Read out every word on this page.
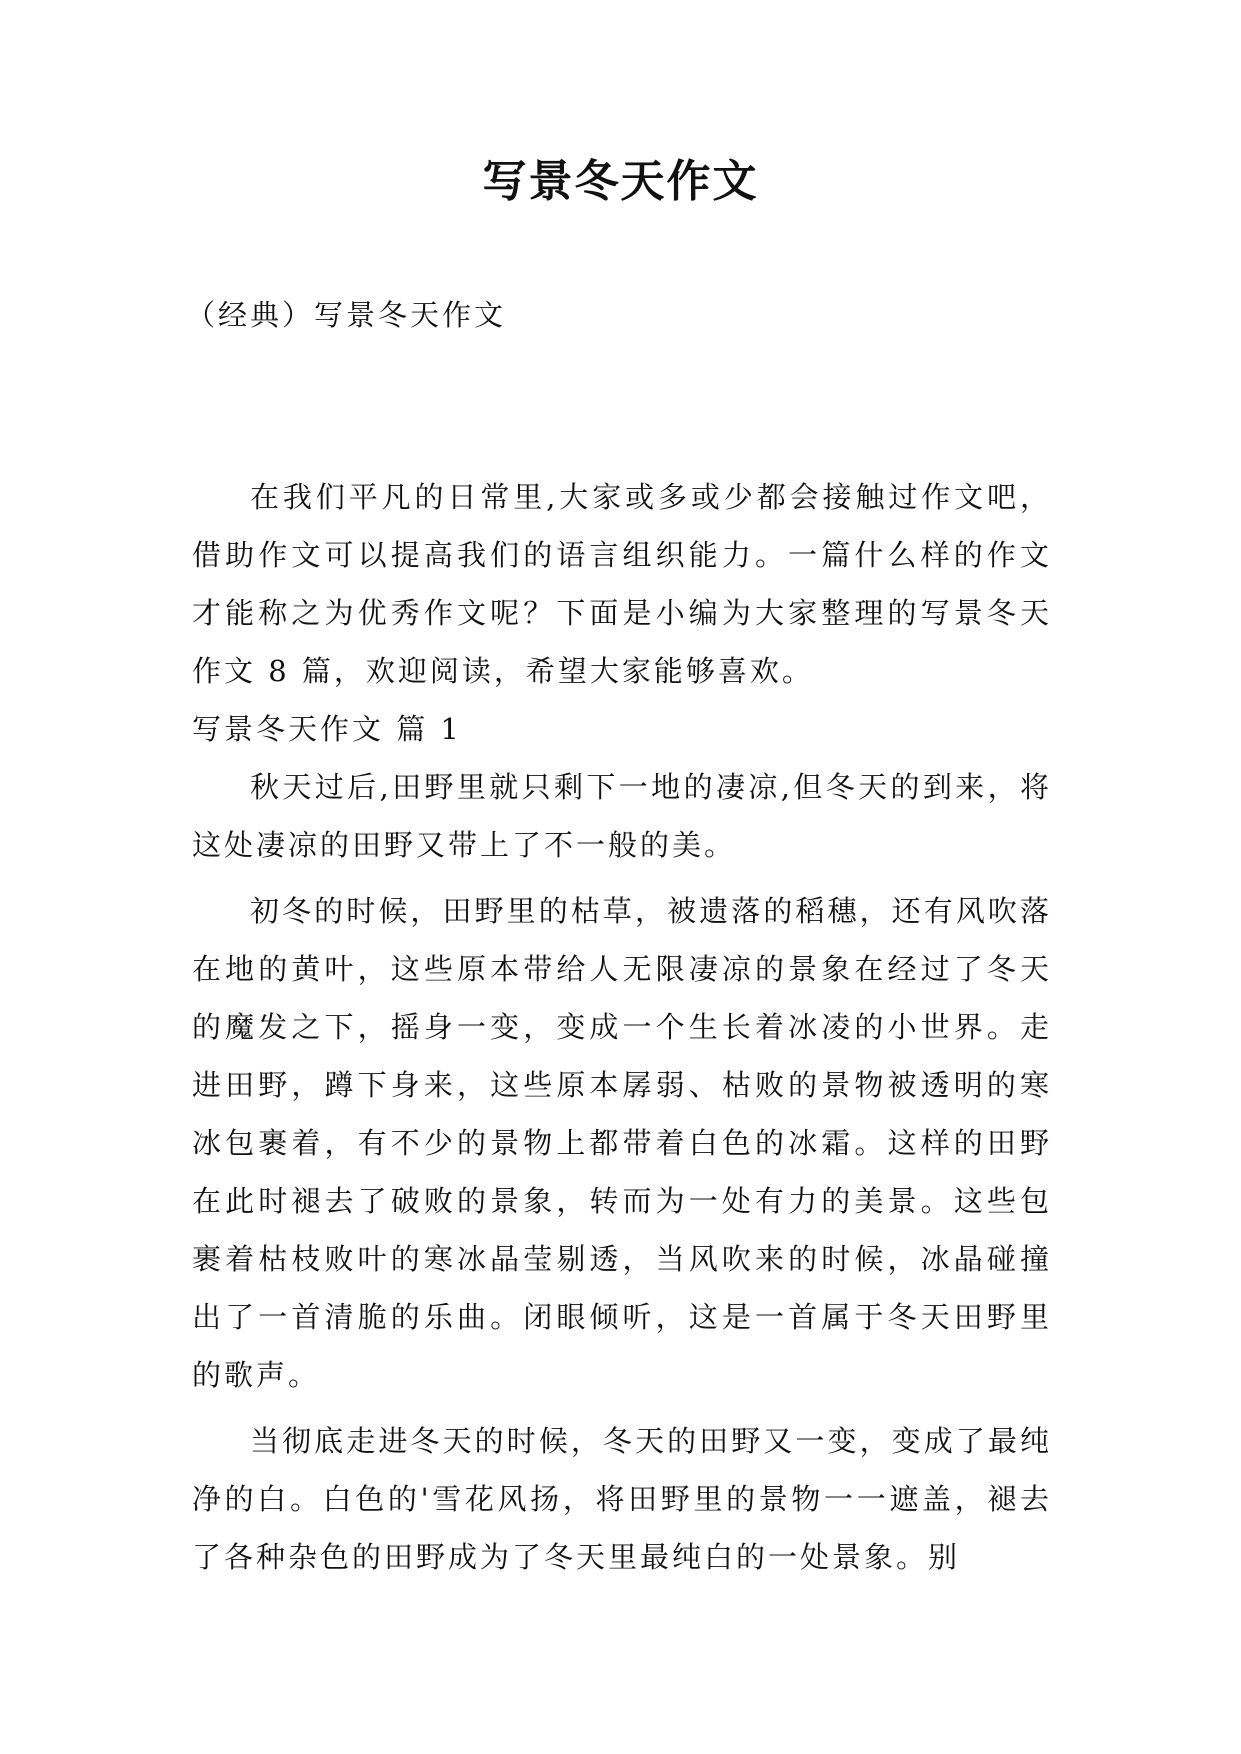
写景冬天作文
（经典）写景冬天作文

在我们平凡的日常里,大家或多或少都会接触过作文吧，借助作文可以提高我们的语言组织能力。一篇什么样的作文才能称之为优秀作文呢？下面是小编为大家整理的写景冬天作文 8 篇，欢迎阅读，希望大家能够喜欢。

写景冬天作文 篇 1

秋天过后,田野里就只剩下一地的凄凉,但冬天的到来，将这处凄凉的田野又带上了不一般的美。

初冬的时候，田野里的枯草，被遗落的稻穗，还有风吹落在地的黄叶，这些原本带给人无限凄凉的景象在经过了冬天的魔发之下，摇身一变，变成一个生长着冰凌的小世界。走进田野，蹲下身来，这些原本孱弱、枯败的景物被透明的寒冰包裹着，有不少的景物上都带着白色的冰霜。这样的田野在此时褪去了破败的景象，转而为一处有力的美景。这些包裹着枯枝败叶的寒冰晶莹剔透，当风吹来的时候，冰晶碰撞出了一首清脆的乐曲。闭眼倾听，这是一首属于冬天田野里的歌声。

当彻底走进冬天的时候，冬天的田野又一变，变成了最纯净的白。白色的'雪花风扬，将田野里的景物一一遮盖，褪去了各种杂色的田野成为了冬天里最纯白的一处景象。别
